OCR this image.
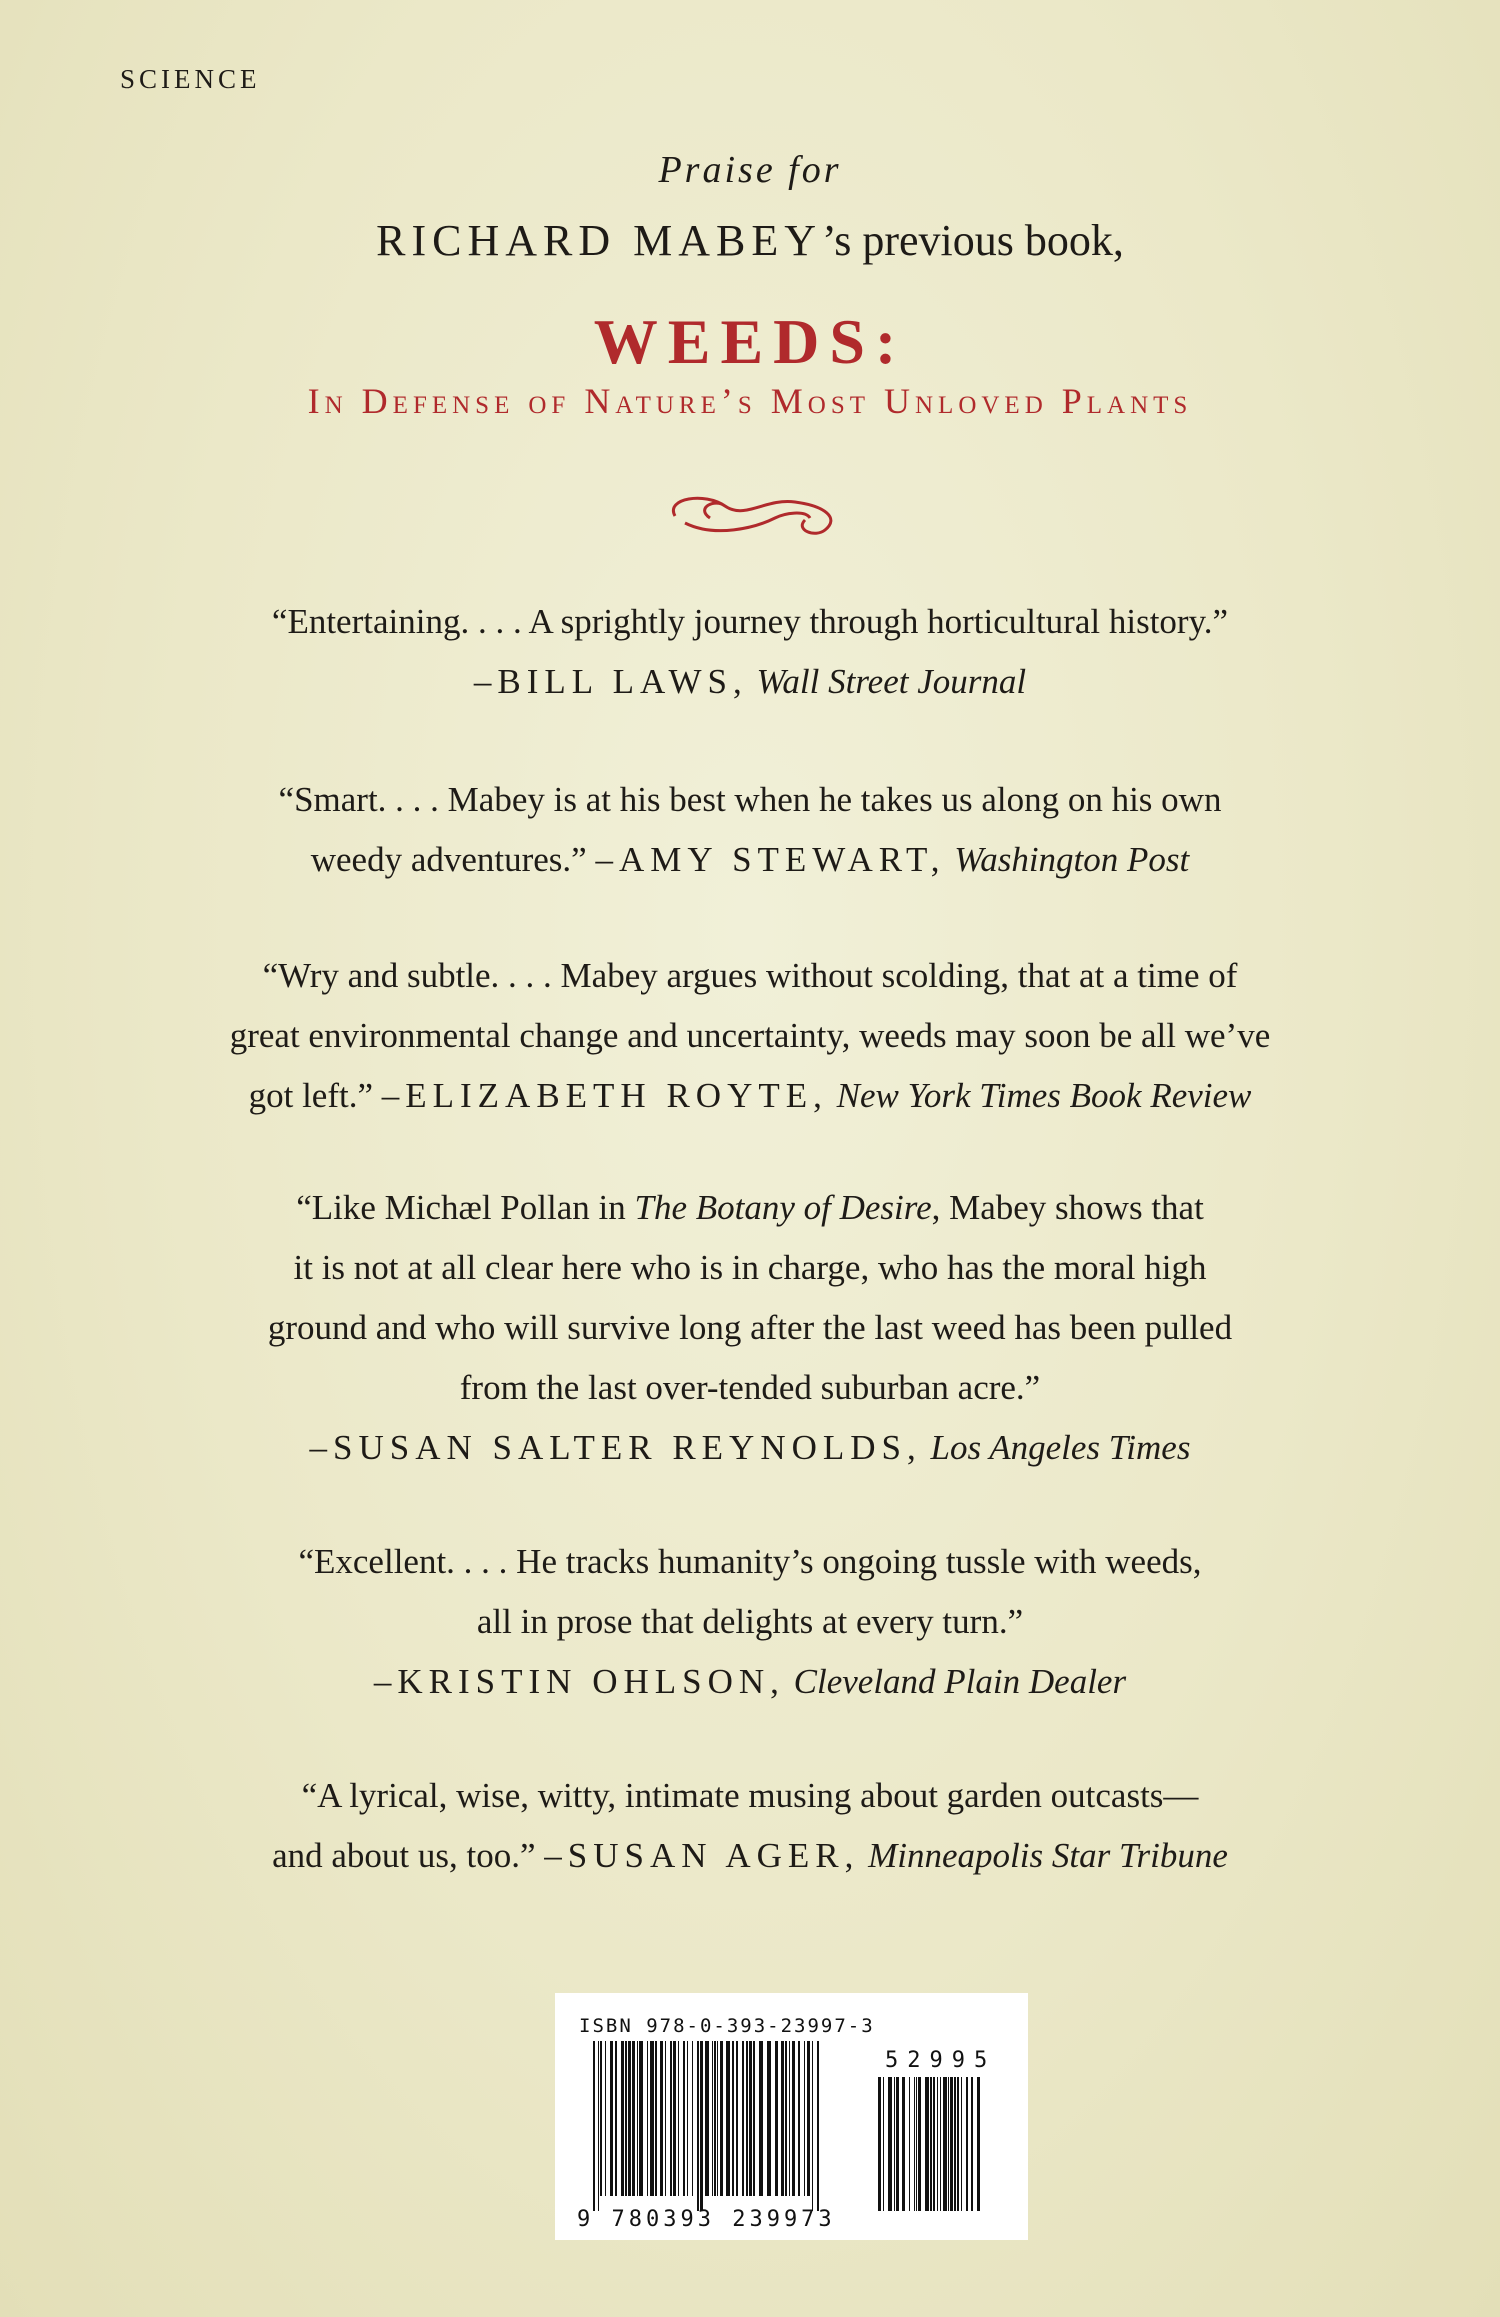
SCIENCE
Praise for
RICHARD MABEY’s previous book,
WEEDS:
In Defense of Nature’s Most Unloved Plants
“Entertaining. . . . A sprightly journey through horticultural history.”
–BILL LAWS, Wall Street Journal
“Smart. . . . Mabey is at his best when he takes us along on his own
weedy adventures.” –AMY STEWART, Washington Post
“Wry and subtle. . . . Mabey argues without scolding, that at a time of
great environmental change and uncertainty, weeds may soon be all we’ve
got left.” –ELIZABETH ROYTE, New York Times Book Review
“Like Michæl Pollan in The Botany of Desire, Mabey shows that
it is not at all clear here who is in charge, who has the moral high
ground and who will survive long after the last weed has been pulled
from the last over-tended suburban acre.”
–SUSAN SALTER REYNOLDS, Los Angeles Times
“Excellent. . . . He tracks humanity’s ongoing tussle with weeds,
all in prose that delights at every turn.”
–KRISTIN OHLSON, Cleveland Plain Dealer
“A lyrical, wise, witty, intimate musing about garden outcasts—
and about us, too.” –SUSAN AGER, Minneapolis Star Tribune
ISBN 978-0-393-23997-3
52995
9 780393 239973
